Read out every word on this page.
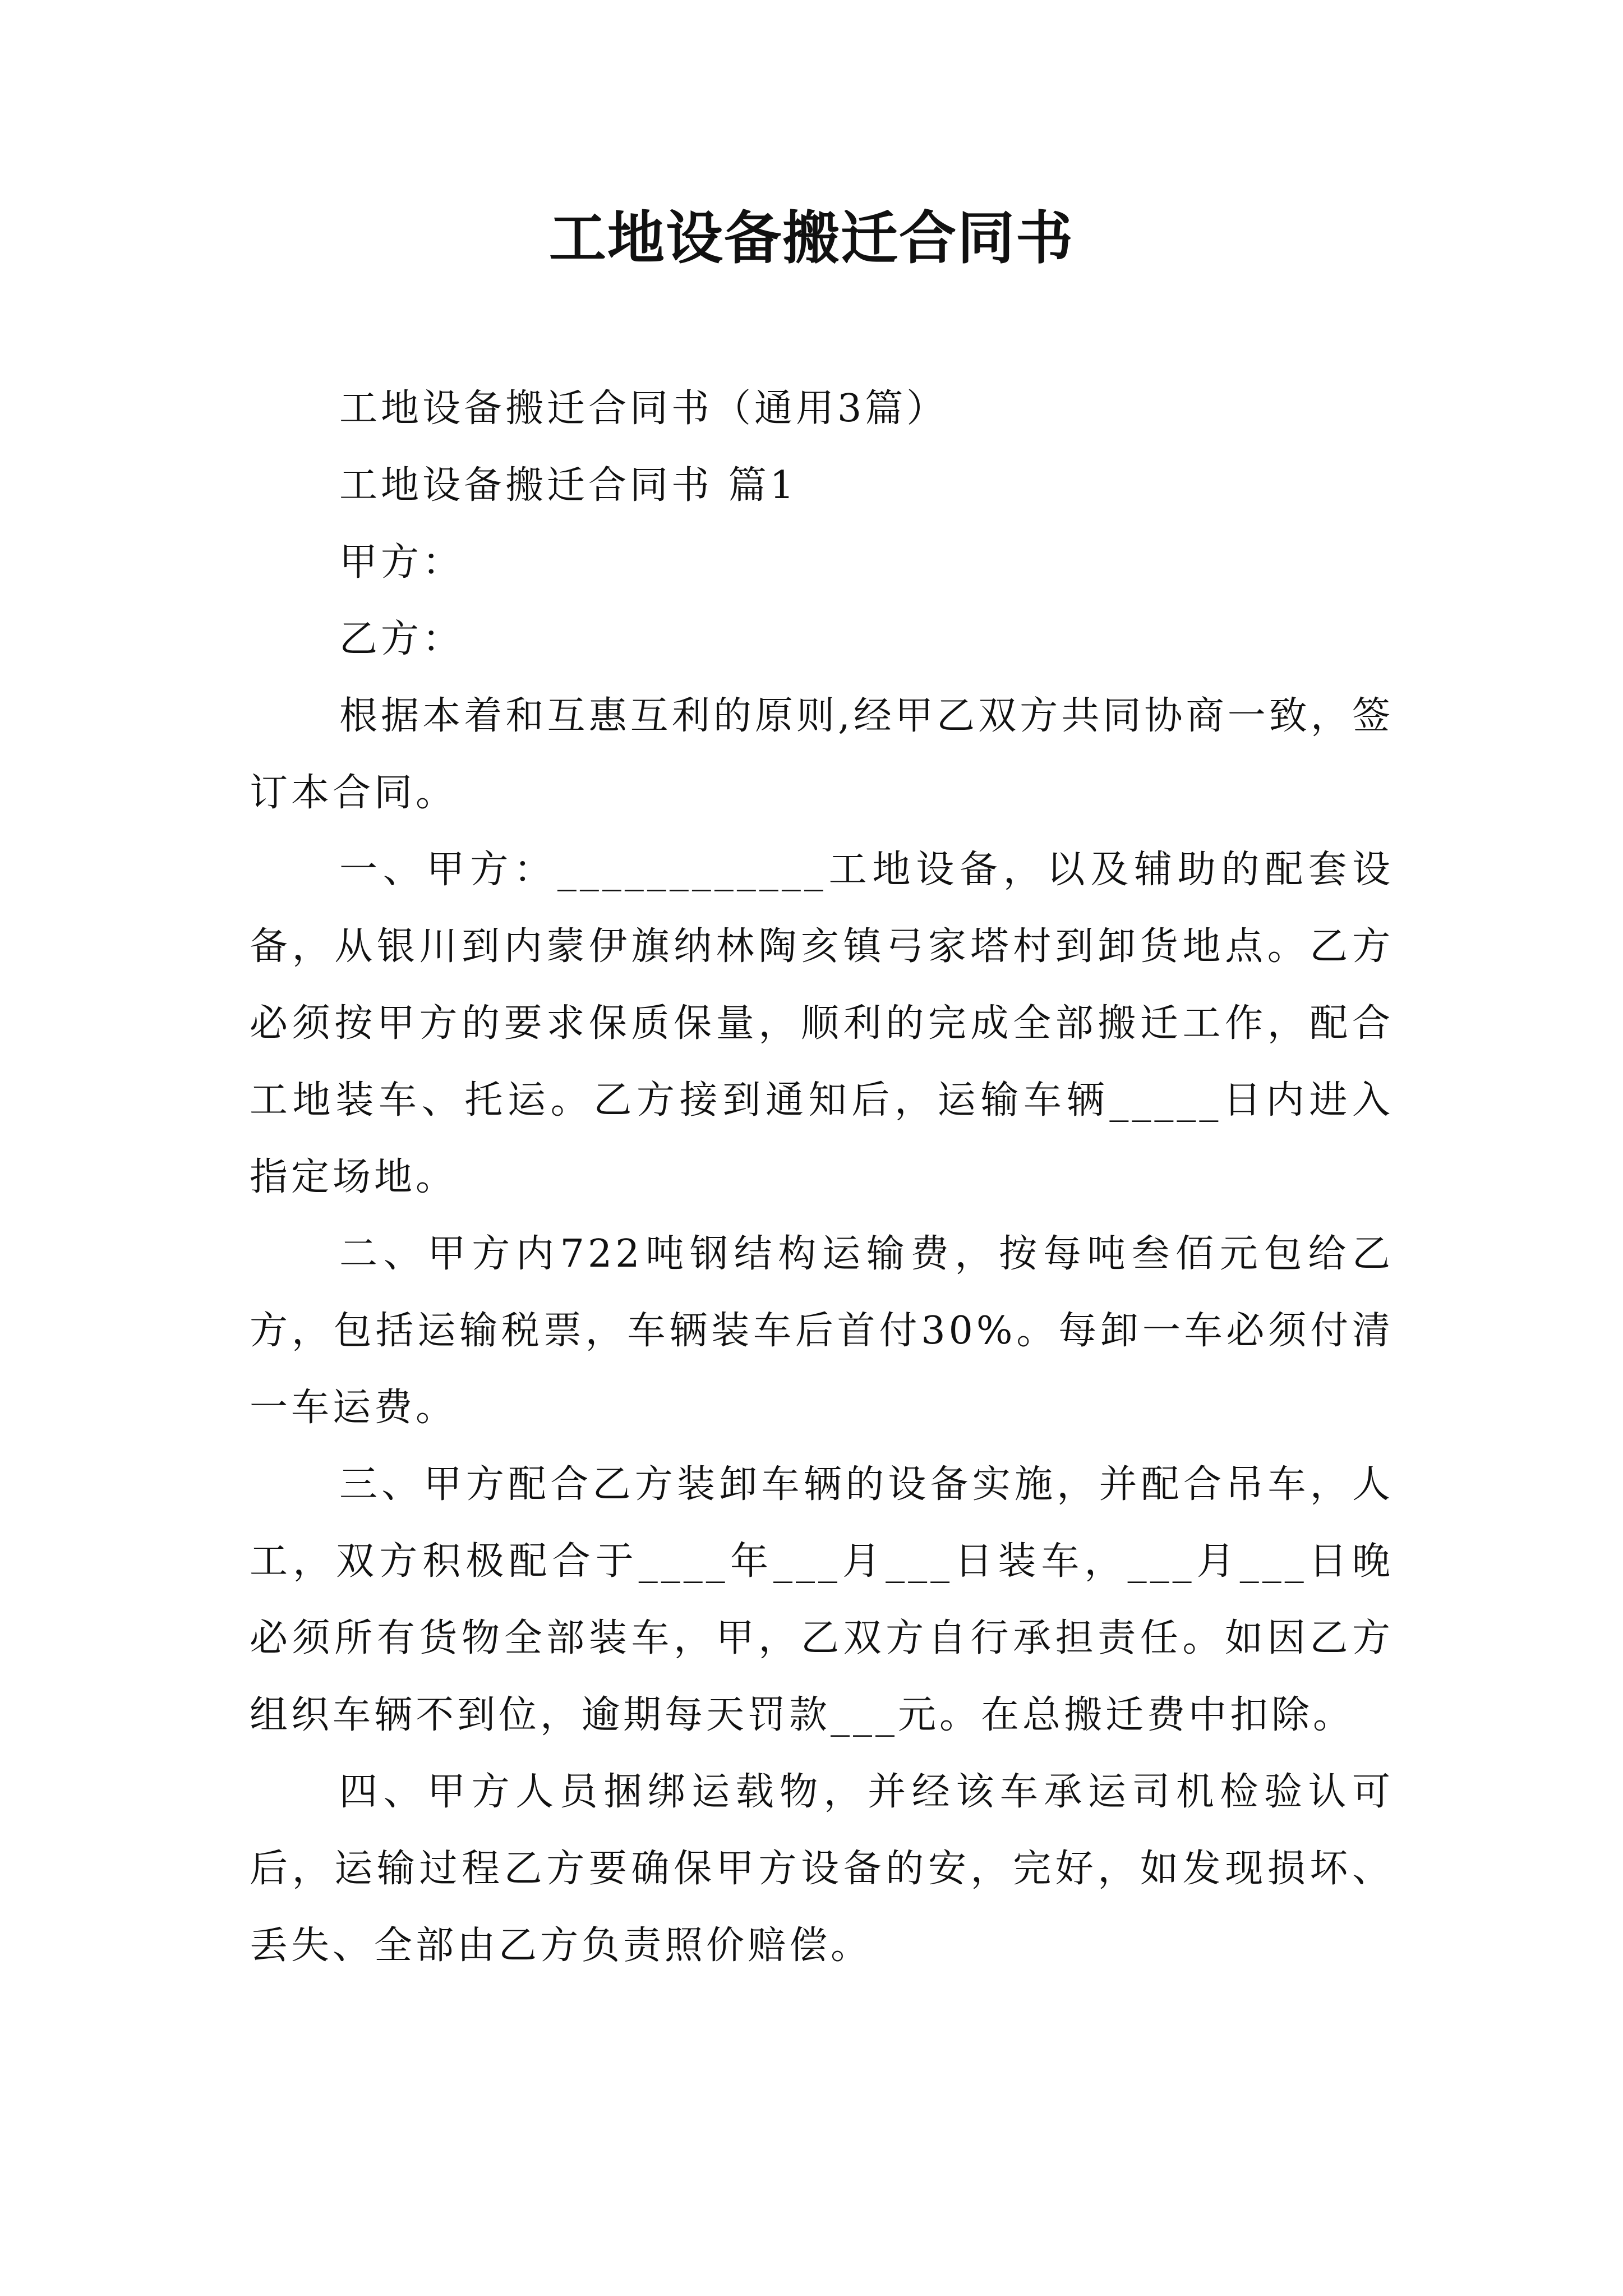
工地设备搬迁合同书

工地设备搬迁合同书（通用3篇）

工地设备搬迁合同书 篇1

甲方：

乙方：

根据本着和互惠互利的原则,经甲乙双方共同协商一致，签订本合同。

一、甲方：____________工地设备，以及辅助的配套设备，从银川到内蒙伊旗纳林陶亥镇弓家塔村到卸货地点。乙方必须按甲方的要求保质保量，顺利的完成全部搬迁工作，配合工地装车、托运。乙方接到通知后，运输车辆_____日内进入指定场地。

二、甲方内722吨钢结构运输费，按每吨叁佰元包给乙方，包括运输税票，车辆装车后首付30%。每卸一车必须付清一车运费。

三、甲方配合乙方装卸车辆的设备实施，并配合吊车，人工，双方积极配合于____年___月___日装车，___月___日晚必须所有货物全部装车，甲，乙双方自行承担责任。如因乙方组织车辆不到位，逾期每天罚款___元。在总搬迁费中扣除。

四、甲方人员捆绑运载物，并经该车承运司机检验认可后，运输过程乙方要确保甲方设备的安，完好，如发现损坏、丢失、全部由乙方负责照价赔偿。
